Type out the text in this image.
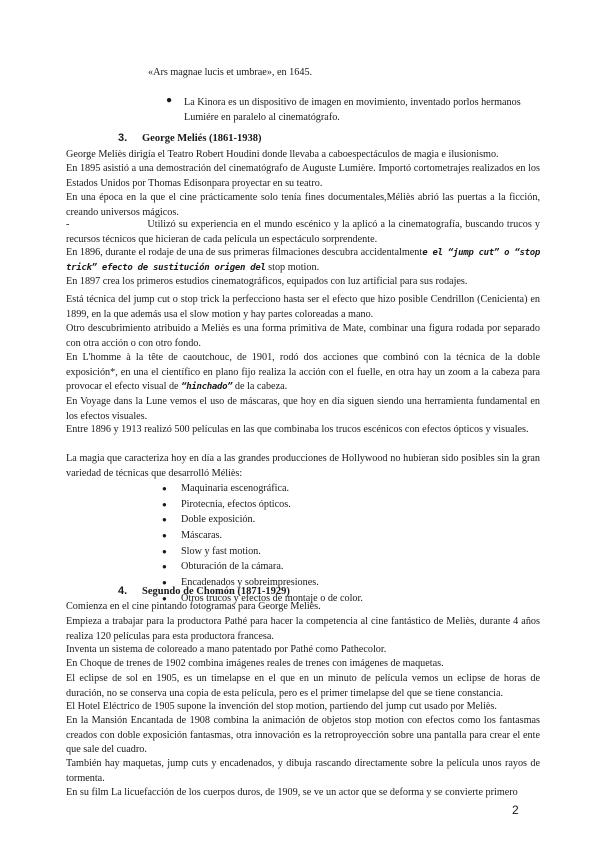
«Ars magnae lucis et umbrae», en 1645.
● La Kinora es un dispositivo de imagen en movimiento, inventado porlos hermanos Lumiére en paralelo al cinematógrafo.
3. George Meliés (1861-1938)

George Meliès dirigía el Teatro Robert Houdini donde llevaba a caboespectáculos de magia e ilusionismo.

En 1895 asistió a una demostración del cinematógrafo de Auguste Lumière. Importó cortometrajes realizados en los Estados Unidos por Thomas Edisonpara proyectar en su teatro.

En una época en la que el cine prácticamente solo tenía fines documentales,Méliès abrió las puertas a la ficción, creando universos mágicos.

-	Utilizó su experiencia en el mundo escénico y la aplicó a la cinematografía, buscando trucos y recursos técnicos que hicieran de cada película un espectáculo sorprendente.
En 1896, durante el rodaje de una de sus primeras filmaciones descubra accidentalmente el “jump cut” o “stop trick” efecto de sustitución origen del stop motion.

En 1897 crea los primeros estudios cinematográficos, equipados con luz artificial para sus rodajes.

Está técnica del jump cut o stop trick la perfecciono hasta ser el efecto que hizo posible Cendrillon (Cenicienta) en 1899, en la que además usa el slow motion y hay partes coloreadas a mano.

Otro descubrimiento atribuido a Meliès es una forma primitiva de Mate, combinar una figura rodada por separado con otra acción o con otro fondo.

En L'homme à la tête de caoutchouc, de 1901, rodó dos acciones que combinó con la técnica de la doble exposición*, en una el científico en plano fijo realiza la acción con el fuelle, en otra hay un zoom a la cabeza para provocar el efecto visual de “hinchado” de la cabeza.

En Voyage dans la Lune vemos el uso de máscaras, que hoy en día siguen siendo una herramienta fundamental en los efectos visuales.

Entre 1896 y 1913 realizó 500 películas en las que combinaba los trucos escénicos con efectos ópticos y visuales.

La magia que caracteriza hoy en día a las grandes producciones de Hollywood no hubieran sido posibles sin la gran variedad de técnicas que desarrolló Méliès:

● Maquinaria escenográfica.
● Pirotecnia, efectos ópticos.
● Doble exposición.
● Máscaras.
● Slow y fast motion.
● Obturación de la cámara.
● Encadenados y sobreimpresiones.
● Otros trucos y efectos de montaje o de color.
4. Segundo de Chomón (1871-1929)

Comienza en el cine pintando fotogramas para George Meliès.

Empieza a trabajar para la productora Pathé para hacer la competencia al cine fantástico de Meliès, durante 4 años realiza 120 películas para esta productora francesa.

Inventa un sistema de coloreado a mano patentado por Pathé como Pathecolor.

En Choque de trenes de 1902 combina imágenes reales de trenes con imágenes de maquetas.

El eclipse de sol en 1905, es un timelapse en el que en un minuto de película vemos un eclipse de horas de duración, no se conserva una copia de esta película, pero es el primer timelapse del que se tiene constancia.

El Hotel Eléctrico de 1905 supone la invención del stop motion, partiendo del jump cut usado por Meliès.

En la Mansión Encantada de 1908 combina la animación de objetos stop motion con efectos como los fantasmas creados con doble exposición fantasmas, otra innovación es la retroproyección sobre una pantalla para crear el ente que sale del cuadro.

También hay maquetas, jump cuts y encadenados, y dibuja rascando directamente sobre la película unos rayos de tormenta.

En su film La licuefacción de los cuerpos duros, de 1909, se ve un actor que se deforma y se convierte primero

2
